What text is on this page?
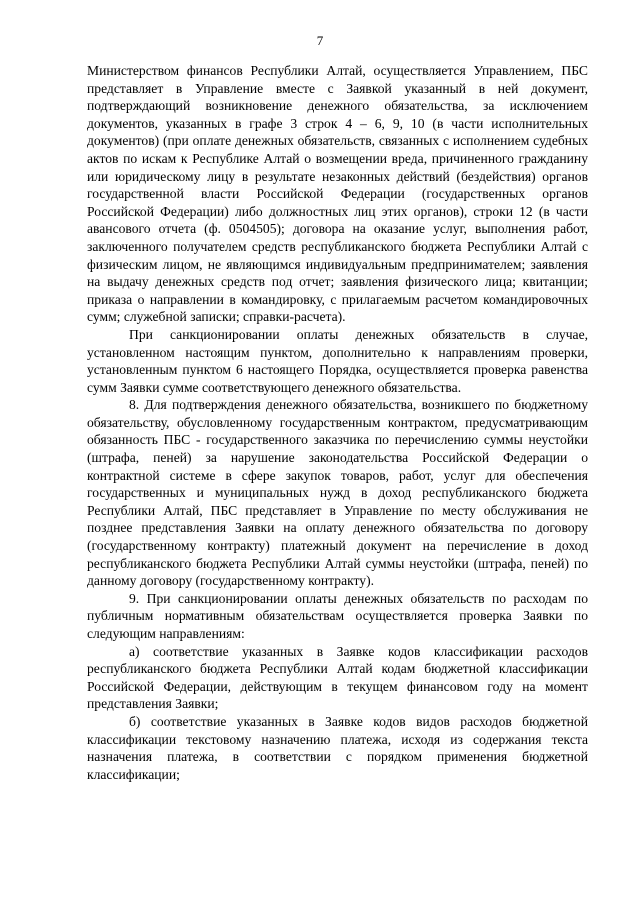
7

Министерством финансов Республики Алтай, осуществляется Управлением, ПБС представляет в Управление вместе с Заявкой указанный в ней документ, подтверждающий возникновение денежного обязательства, за исключением документов, указанных в графе 3 строк 4 – 6, 9, 10 (в части исполнительных документов) (при оплате денежных обязательств, связанных с исполнением судебных актов по искам к Республике Алтай о возмещении вреда, причиненного гражданину или юридическому лицу в результате незаконных действий (бездействия) органов государственной власти Российской Федерации (государственных органов Российской Федерации) либо должностных лиц этих органов), строки 12 (в части авансового отчета (ф. 0504505); договора на оказание услуг, выполнения работ, заключенного получателем средств республиканского бюджета Республики Алтай с физическим лицом, не являющимся индивидуальным предпринимателем; заявления на выдачу денежных средств под отчет; заявления физического лица; квитанции; приказа о направлении в командировку, с прилагаемым расчетом командировочных сумм; служебной записки; справки-расчета).

При санкционировании оплаты денежных обязательств в случае, установленном настоящим пунктом, дополнительно к направлениям проверки, установленным пунктом 6 настоящего Порядка, осуществляется проверка равенства сумм Заявки сумме соответствующего денежного обязательства.

8. Для подтверждения денежного обязательства, возникшего по бюджетному обязательству, обусловленному государственным контрактом, предусматривающим обязанность ПБС - государственного заказчика по перечислению суммы неустойки (штрафа, пеней) за нарушение законодательства Российской Федерации о контрактной системе в сфере закупок товаров, работ, услуг для обеспечения государственных и муниципальных нужд в доход республиканского бюджета Республики Алтай, ПБС представляет в Управление по месту обслуживания не позднее представления Заявки на оплату денежного обязательства по договору (государственному контракту) платежный документ на перечисление в доход республиканского бюджета Республики Алтай суммы неустойки (штрафа, пеней) по данному договору (государственному контракту).

9. При санкционировании оплаты денежных обязательств по расходам по публичным нормативным обязательствам осуществляется проверка Заявки по следующим направлениям:

а) соответствие указанных в Заявке кодов классификации расходов республиканского бюджета Республики Алтай кодам бюджетной классификации Российской Федерации, действующим в текущем финансовом году на момент представления Заявки;

б) соответствие указанных в Заявке кодов видов расходов бюджетной классификации текстовому назначению платежа, исходя из содержания текста назначения платежа, в соответствии с порядком применения бюджетной классификации;
